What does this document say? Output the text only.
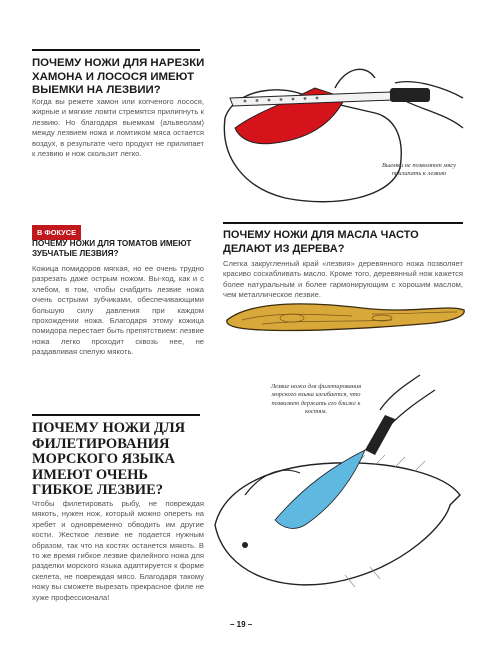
ПОЧЕМУ НОЖИ ДЛЯ НАРЕЗКИ ХАМОНА И ЛОСОСЯ ИМЕЮТ ВЫЕМКИ НА ЛЕЗВИИ?
Когда вы режете хамон или копченого лосося, жирные и мягкие ломти стремятся прилипнуть к лезвию. Но благодаря выемкам (альвеолам) между лезвием ножа и ломтиком мяса остается воздух, в результате чего продукт не прилипает к лезвию и нож скользит легко.
Выемки не позволяют мясу прилипать к лезвию
В ФОКУСЕ
ПОЧЕМУ НОЖИ ДЛЯ ТОМАТОВ ИМЕЮТ ЗУБЧАТЫЕ ЛЕЗВИЯ?
Кожица помидоров мягкая, но ее очень трудно разрезать даже острым ножом. Вы-ход, как и с хлебом, в том, чтобы снабдить лезвие ножа очень острыми зубчиками, обеспечивающими большую силу давления при каждом прохождении ножа. Благодаря этому кожица помидора перестает быть препятствием: лезвие ножа легко проходит сквозь нее, не раздавливая спелую мякоть.
ПОЧЕМУ НОЖИ ДЛЯ МАСЛА ЧАСТО ДЕЛАЮТ ИЗ ДЕРЕВА?
Слегка закругленный край «лезвия» деревянного ножа позволяет красиво соскабливать масло. Кроме того, деревянный нож кажется более натуральным и более гармонирующим с хорошим маслом, чем металлическое лезвие.
ПОЧЕМУ НОЖИ ДЛЯ ФИЛЕТИРОВАНИЯ МОРСКОГО ЯЗЫКА ИМЕЮТ ОЧЕНЬ ГИБКОЕ ЛЕЗВИЕ?
Чтобы филетировать рыбу, не повреждая мякоть, нужен нож, который можно опереть на хребет и одновременно обводить им другие кости. Жесткое лезвие не подается нужным образом, так что на костях останется мякоть. В то же время гибкое лезвие филейного ножа для разделки морского языка адаптируется к форме скелета, не повреждая мясо. Благодаря такому ножу вы сможете вырезать прекрасное филе не хуже профессионала!
Лезвие ножа для филетирования морского языка изгибается, что позволяет держать его ближе к костям.
– 19 –
